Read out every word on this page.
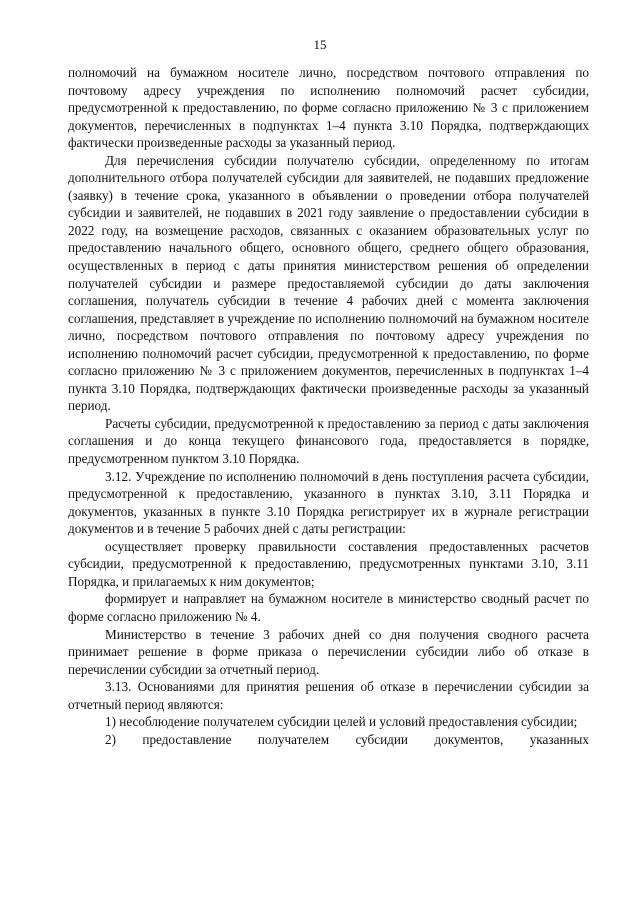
15

полномочий на бумажном носителе лично, посредством почтового отправления по почтовому адресу учреждения по исполнению полномочий расчет субсидии, предусмотренной к предоставлению, по форме согласно приложению № 3 с приложением документов, перечисленных в подпунктах 1–4 пункта 3.10 Порядка, подтверждающих фактически произведенные расходы за указанный период.

Для перечисления субсидии получателю субсидии, определенному по итогам дополнительного отбора получателей субсидии для заявителей, не подавших предложение (заявку) в течение срока, указанного в объявлении о проведении отбора получателей субсидии и заявителей, не подавших в 2021 году заявление о предоставлении субсидии в 2022 году, на возмещение расходов, связанных с оказанием образовательных услуг по предоставлению начального общего, основного общего, среднего общего образования, осуществленных в период с даты принятия министерством решения об определении получателей субсидии и размере предоставляемой субсидии до даты заключения соглашения, получатель субсидии в течение 4 рабочих дней с момента заключения соглашения, представляет в учреждение по исполнению полномочий на бумажном носителе лично, посредством почтового отправления по почтовому адресу учреждения по исполнению полномочий расчет субсидии, предусмотренной к предоставлению, по форме согласно приложению № 3 с приложением документов, перечисленных в подпунктах 1–4 пункта 3.10 Порядка, подтверждающих фактически произведенные расходы за указанный период.

Расчеты субсидии, предусмотренной к предоставлению за период с даты заключения соглашения и до конца текущего финансового года, предоставляется в порядке, предусмотренном пунктом 3.10 Порядка.

3.12. Учреждение по исполнению полномочий в день поступления расчета субсидии, предусмотренной к предоставлению, указанного в пунктах 3.10, 3.11 Порядка и документов, указанных в пункте 3.10 Порядка регистрирует их в журнале регистрации документов и в течение 5 рабочих дней с даты регистрации:

осуществляет проверку правильности составления предоставленных расчетов субсидии, предусмотренной к предоставлению, предусмотренных пунктами 3.10, 3.11 Порядка, и прилагаемых к ним документов;

формирует и направляет на бумажном носителе в министерство сводный расчет по форме согласно приложению № 4.

Министерство в течение 3 рабочих дней со дня получения сводного расчета принимает решение в форме приказа о перечислении субсидии либо об отказе в перечислении субсидии за отчетный период.

3.13. Основаниями для принятия решения об отказе в перечислении субсидии за отчетный период являются:

1) несоблюдение получателем субсидии целей и условий предоставления субсидии;

2) предоставление получателем субсидии документов, указанных
